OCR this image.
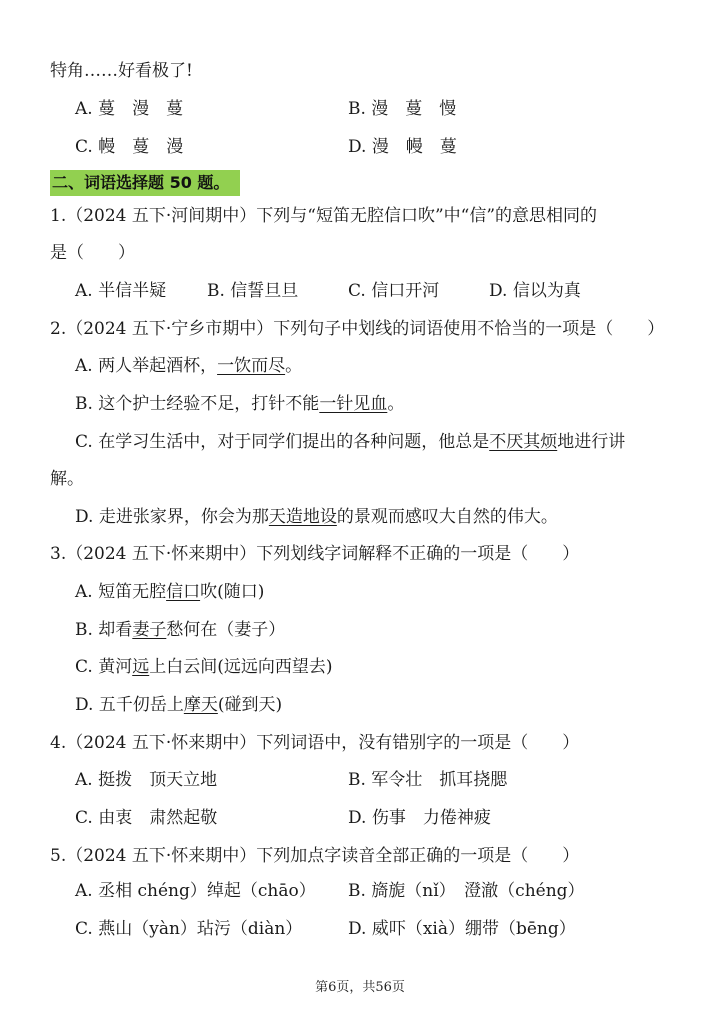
特角……好看极了!
A. 蔓　漫　蔓	B. 漫　蔓　慢
C. 幔　蔓　漫	D. 漫　幔　蔓
二、词语选择题 50 题。
1.（2024 五下·河间期中）下列与“短笛无腔信口吹”中“信”的意思相同的
是（　　）
A. 半信半疑 B. 信誓旦旦	C. 信口开河	D. 信以为真
2.（2024 五下·宁乡市期中）下列句子中划线的词语使用不恰当的一项是（　　）
A. 两人举起酒杯，一饮而尽。
B. 这个护士经验不足，打针不能一针见血。
C. 在学习生活中，对于同学们提出的各种问题，他总是不厌其烦地进行讲
解。
D. 走进张家界，你会为那天造地设的景观而感叹大自然的伟大。
3.（2024 五下·怀来期中）下列划线字词解释不正确的一项是（　　）
A. 短笛无腔信口吹(随口)
B. 却看妻子愁何在（妻子）
C. 黄河远上白云间(远远向西望去)
D. 五千仞岳上摩天(碰到天)
4.（2024 五下·怀来期中）下列词语中，没有错别字的一项是（　　）
A. 挺拨　顶天立地	B. 军令壮　抓耳挠腮
C. 由衷　肃然起敬	D. 伤事　力倦神疲
5.（2024 五下·怀来期中）下列加点字读音全部正确的一项是（　　）
A. 丞相 chéng）绰起（chāo） B. 旖旎（nǐ）　澄澈（chéng）
C. 燕山（yàn）玷污（diàn）	D. 威吓（xià）绷带（bēng）
第6页，共56页
